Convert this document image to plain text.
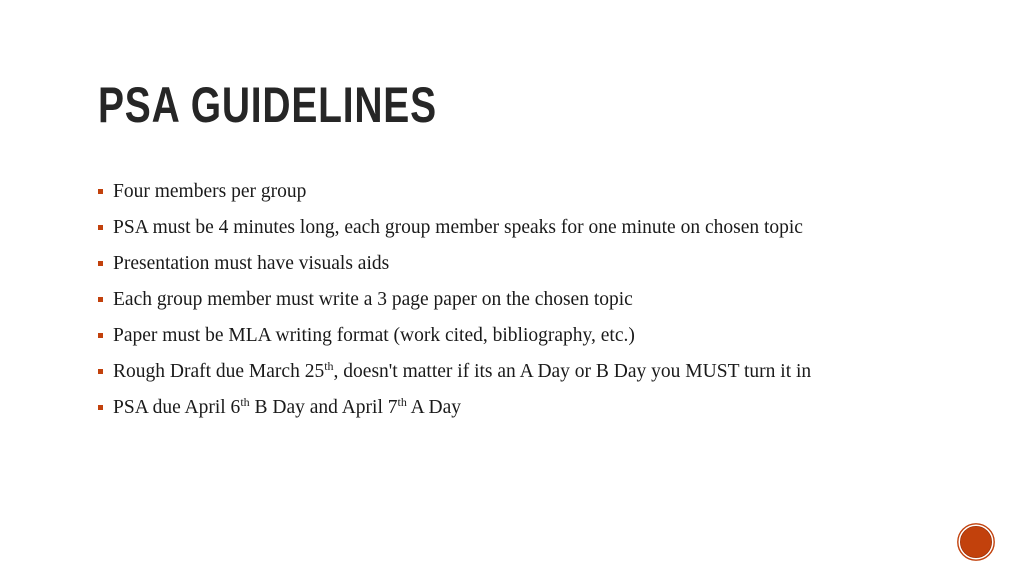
PSA GUIDELINES
Four members per group
PSA must be 4 minutes long, each group member speaks for one minute on chosen topic
Presentation must have visuals aids
Each group member must write a 3 page paper on the chosen topic
Paper must be MLA writing format (work cited, bibliography, etc.)
Rough Draft due March 25th, doesn't matter if its an A Day or B Day you MUST turn it in
PSA due April 6th B Day and April 7th A Day
